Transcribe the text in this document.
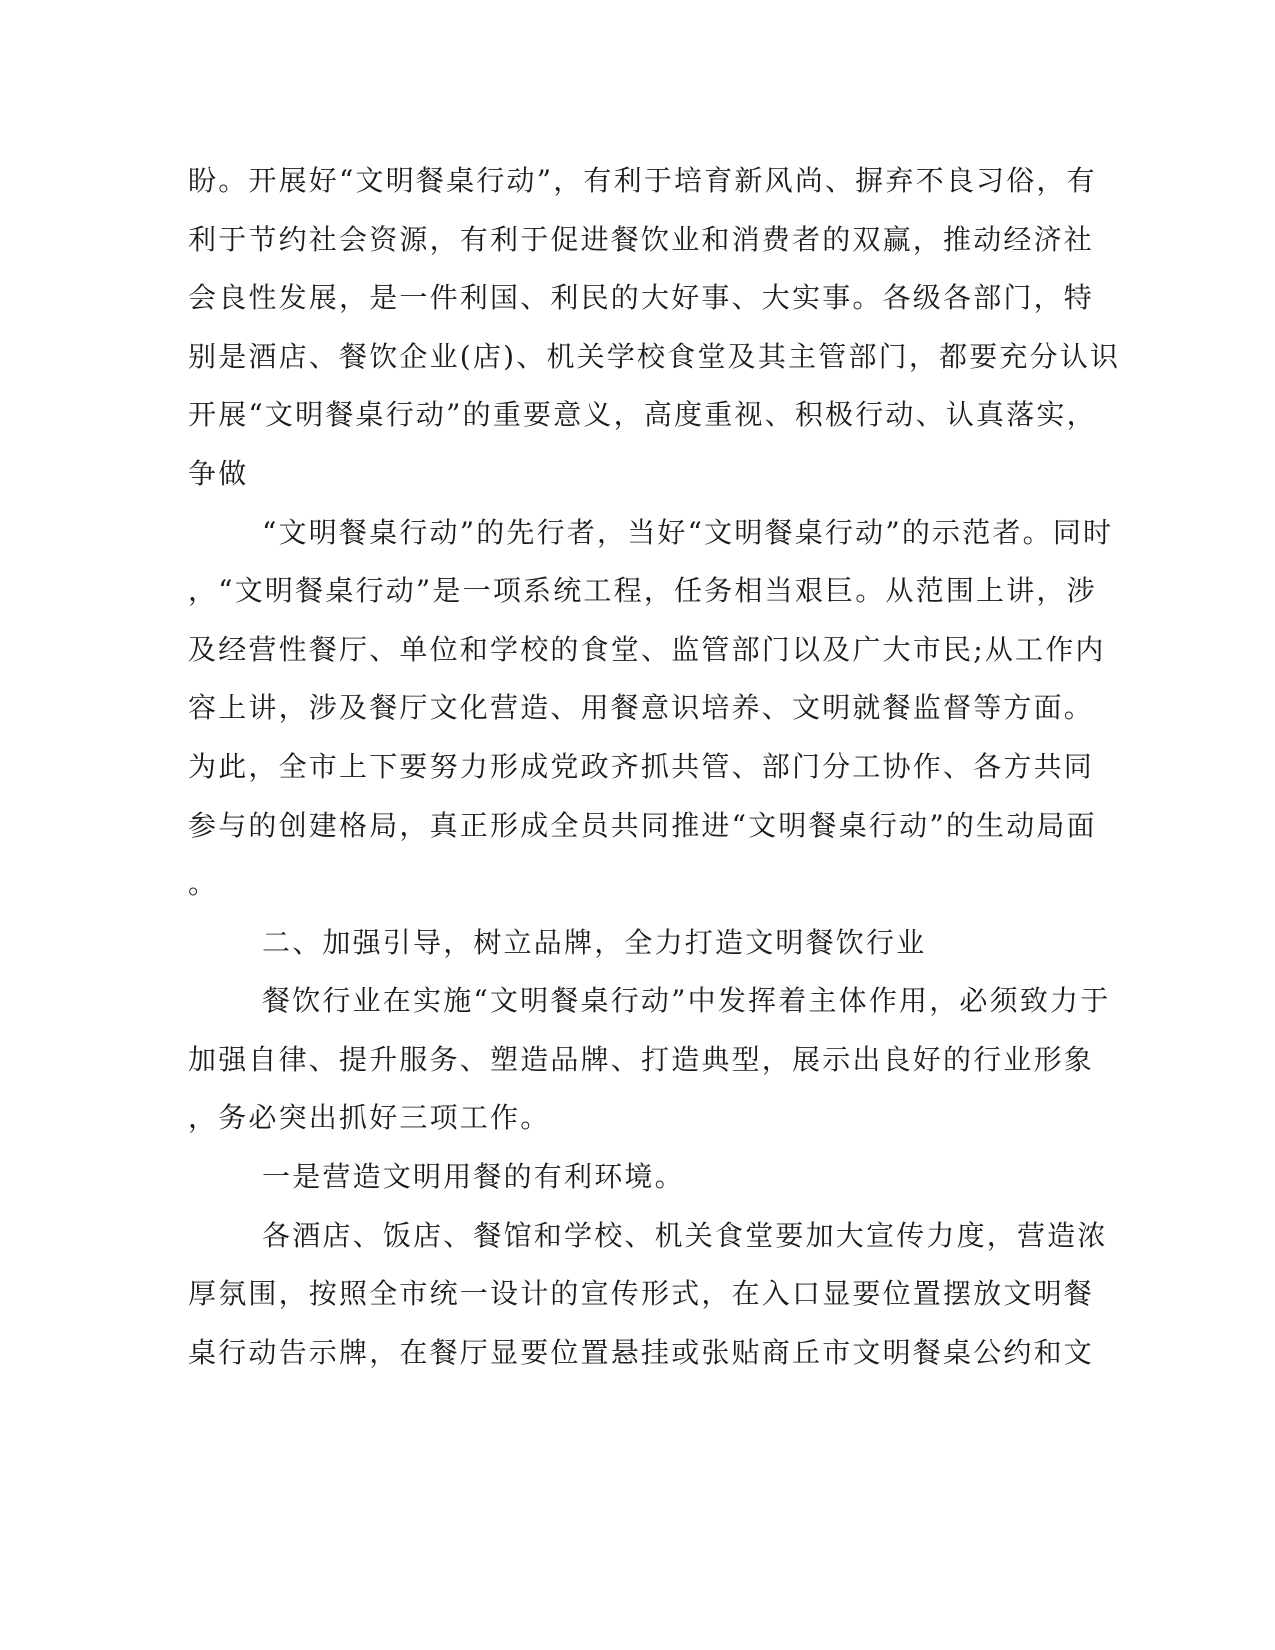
盼。开展好“文明餐桌行动”，有利于培育新风尚、摒弃不良习俗，有
利于节约社会资源，有利于促进餐饮业和消费者的双赢，推动经济社
会良性发展，是一件利国、利民的大好事、大实事。各级各部门，特
别是酒店、餐饮企业(店)、机关学校食堂及其主管部门，都要充分认识
开展“文明餐桌行动”的重要意义，高度重视、积极行动、认真落实，
争做
“文明餐桌行动”的先行者，当好“文明餐桌行动”的示范者。同时
，“文明餐桌行动”是一项系统工程，任务相当艰巨。从范围上讲，涉
及经营性餐厅、单位和学校的食堂、监管部门以及广大市民;从工作内
容上讲，涉及餐厅文化营造、用餐意识培养、文明就餐监督等方面。
为此，全市上下要努力形成党政齐抓共管、部门分工协作、各方共同
参与的创建格局，真正形成全员共同推进“文明餐桌行动”的生动局面
。
二、加强引导，树立品牌，全力打造文明餐饮行业
餐饮行业在实施“文明餐桌行动”中发挥着主体作用，必须致力于
加强自律、提升服务、塑造品牌、打造典型，展示出良好的行业形象
，务必突出抓好三项工作。
一是营造文明用餐的有利环境。
各酒店、饭店、餐馆和学校、机关食堂要加大宣传力度，营造浓
厚氛围，按照全市统一设计的宣传形式，在入口显要位置摆放文明餐
桌行动告示牌，在餐厅显要位置悬挂或张贴商丘市文明餐桌公约和文
